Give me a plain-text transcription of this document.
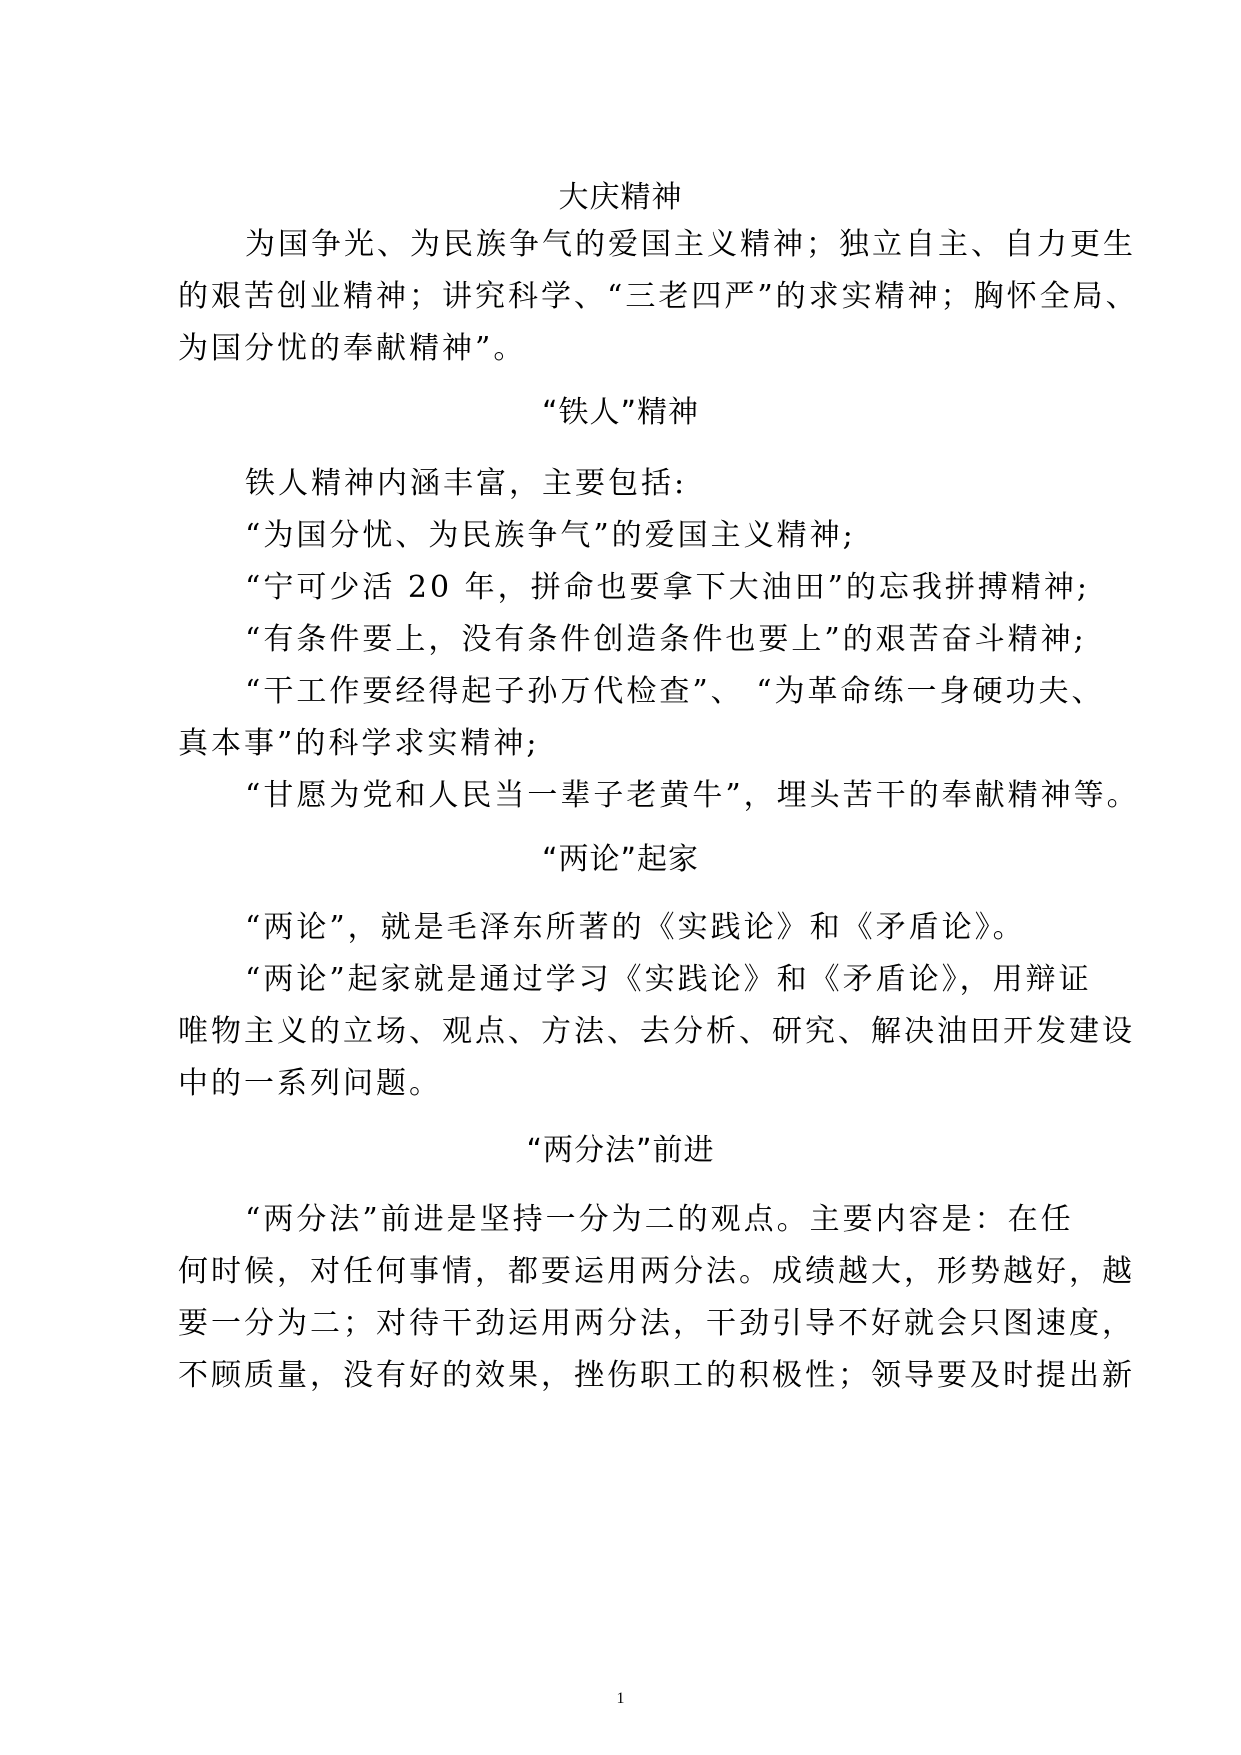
大庆精神
为国争光、为民族争气的爱国主义精神；独立自主、自力更生
的艰苦创业精神；讲究科学、“三老四严”的求实精神；胸怀全局、
为国分忧的奉献精神”。
“铁人”精神
铁人精神内涵丰富，主要包括:
“为国分忧、为民族争气”的爱国主义精神;
“宁可少活 20 年，拼命也要拿下大油田”的忘我拼搏精神;
“有条件要上，没有条件创造条件也要上”的艰苦奋斗精神;
“干工作要经得起子孙万代检查”、 “为革命练一身硬功夫、
真本事”的科学求实精神;
“甘愿为党和人民当一辈子老黄牛”，埋头苦干的奉献精神等。
“两论”起家
“两论”，就是毛泽东所著的《实践论》和《矛盾论》。
“两论”起家就是通过学习《实践论》和《矛盾论》，用辩证
唯物主义的立场、观点、方法、去分析、研究、解决油田开发建设
中的一系列问题。
“两分法”前进
“两分法”前进是坚持一分为二的观点。主要内容是：在任
何时候，对任何事情，都要运用两分法。成绩越大，形势越好，越
要一分为二；对待干劲运用两分法，干劲引导不好就会只图速度，
不顾质量，没有好的效果，挫伤职工的积极性；领导要及时提出新
1
